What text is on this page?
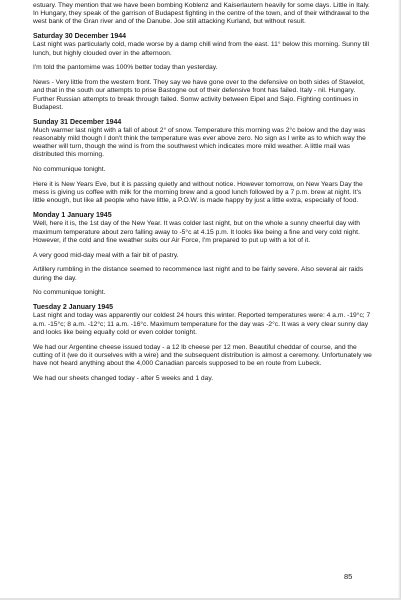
estuary. They mention that we have been bombing Koblenz and Kaiserlautern heavily for some days. Little in Italy. In Hungary, they speak of the garrison of Budapest fighting in the centre of the town, and of their withdrawal to the west bank of the Gran river and of the Danube. Joe still attacking Kurland, but without result.

Saturday 30 December 1944

Last night was particularly cold, made worse by a damp chill wind from the east. 11° below this morning. Sunny till lunch, but highly clouded over in the afternoon.

I'm told the pantomime was 100% better today than yesterday.

News - Very little from the western front. They say we have gone over to the defensive on both sides of Stavelot, and that in the south our attempts to prise Bastogne out of their defensive front has failed. Italy - nil. Hungary. Further Russian attempts to break through failed. Somw activity between Eipel and Sajo. Fighting continues in Budapest.

Sunday 31 December 1944

Much warmer last night with a fall of about 2° of snow. Temperature this morning was 2°c below and the day was reasonably mild though I don't think the temperature was ever above zero. No sign as I write as to which way the weather will turn, though the wind is from the southwest which indicates more mild weather. A little mail was distributed this morning.

No communique tonight.

Here it is New Years Eve, but it is passing quietly and without notice. However tomorrow, on New Years Day the mess is giving us coffee with milk for the morning brew and a good lunch followed by a 7 p.m. brew at night. It's little enough, but like all people who have little, a P.O.W. is made happy by just a little extra, especially of food.

Monday 1 January 1945

Well, here it is, the 1st day of the New Year. It was colder last night, but on the whole a sunny cheerful day with maximum temperature about zero falling away to -5°c at 4.15 p.m. It looks like being a fine and very cold night. However, if the cold and fine weather suits our Air Force, I'm prepared to put up with a lot of it.

A very good mid-day meal with a fair bit of pastry.

Artillery rumbling in the distance seemed to recommence last night and to be fairly severe. Also several air raids during the day.

No communique tonight.

Tuesday 2 January 1945

Last night and today was apparently our coldest 24 hours this winter. Reported temperatures were: 4 a.m. -19°c; 7 a.m. -15°c; 8 a.m. -12°c; 11 a.m. -16°c. Maximum temperature for the day was -2°c. It was a very clear sunny day and looks like being equally cold or even colder tonight.

We had our Argentine cheese issued today - a 12 lb cheese per 12 men. Beautiful cheddar of course, and the cutting of it (we do it ourselves with a wire) and the subsequent distribution is almost a ceremony. Unfortunately we have not heard anything about the 4,000 Canadian parcels supposed to be en route from Lubeck.

We had our sheets changed today - after 5 weeks and 1 day.

85
